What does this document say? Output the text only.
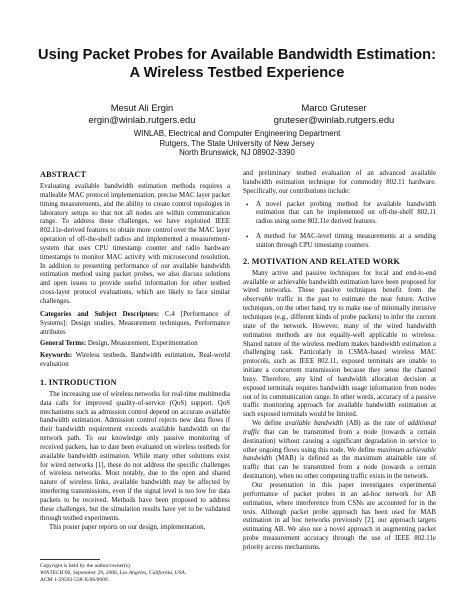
Using Packet Probes for Available Bandwidth Estimation:
A Wireless Testbed Experience
Mesut Ali Ergin
ergin@winlab.rutgers.edu
Marco Gruteser
gruteser@winlab.rutgers.edu
WINLAB, Electrical and Computer Engineering Department
Rutgers, The State University of New Jersey
North Brunswick, NJ 08902-3390
ABSTRACT

Evaluating available bandwidth estimation methods requires a malleable MAC protocol implementation, precise MAC layer packet timing measurements, and the ability to create control topologies in laboratory setups so that not all nodes are within communication range. To address these challenges, we have exploited IEEE 802.11e-derived features to obtain more control over the MAC layer operation of off-the-shelf radios and implemented a measurement-system that uses CPU timestamp counter and radio hardware timestamps to monitor MAC activity with microsecond resolution. In addition to presenting performance of our available bandwidth estimation method using packet probes, we also discuss solutions and open issues to provide useful information for other testbed cross-layer protocol evaluations, which are likely to face similar challenges.

Categories and Subject Descriptors: C.4 [Performance of Systems]: Design studies, Measurement techniques, Performance attributes

General Terms: Design, Measurement, Experimentation

Keywords: Wireless testbeds, Bandwidth estimation, Real-world evaluation

1. INTRODUCTION

The increasing use of wireless networks for real-time multimedia data calls for improved quality-of-service (QoS) support. QoS mechanisms such as admission control depend on accurate available bandwidth estimation. Admission control rejects new data flows if their bandwidth requirement exceeds available bandwidth on the network path. To our knowledge only passive monitoring of received packets, has to date been evaluated on wireless testbeds for available bandwidth estimation. While many other solutions exist for wired networks [1], these do not address the specific challenges of wireless networks. Most notably, due to the open and shared nature of wireless links, available bandwidth may be affected by interfering transmissions, even if the signal level is too low for data packets to be received. Methods have been proposed to address these challenges, but the simulation results have yet to be validated through testbed experiments.

This poster paper reports on our design, implementation,

Copyright is held by the author/owner(s).
WiNTECH'06, September 29, 2006, Los Angeles, California, USA.
ACM 1-59593-538-X/06/0009.

and preliminary testbed evaluation of an advanced available bandwidth estimation technique for commodity 802.11 hardware. Specifically, our contributions include:

• A novel packet probing method for available bandwidth estimation that can be implemented on off-the-shelf 802.11 radios using some 802.11e derived features.
• A method for MAC-level timing measurements at a sending station through CPU timestamp counters.
2. MOTIVATION AND RELATED WORK

Many active and passive techniques for local and end-to-end available or achievable bandwidth estimation have been proposed for wired networks. These passive techniques benefit from the observable traffic in the past to estimate the near future. Active techniques, on the other hand, try to make use of minimally intrusive techniques (e.g., different kinds of probe packets) to infer the current state of the network. However, many of the wired bandwidth estimation methods are not equally-well applicable to wireless. Shared nature of the wireless medium makes bandwidth estimation a challenging task. Particularly in CSMA-based wireless MAC protocols, such as IEEE 802.11, exposed terminals are unable to initiate a concurrent transmission because they sense the channel busy. Therefore, any kind of bandwidth allocation decision at exposed terminals requires bandwidth usage information from nodes out of its communication range. In other words, accuracy of a passive traffic monitoring approach for available bandwidth estimation at such exposed terminals would be limited.

We define available bandwidth (AB) as the rate of additional traffic that can be transmitted from a node (towards a certain destination) without causing a significant degradation in service to other ongoing flows using this node. We define maximum achievable bandwidth (MAB) is defined as the maximum attainable rate of traffic that can be transmitted from a node (towards a certain destination), when no other competing traffic exists in the network.

Our presentation in this paper investigates experimental performance of packet probes in an ad-hoc network for AB estimation, where interference from CSNs are accounted for in the tests. Although packet probe approach has been used for MAB estimation in ad hoc networks previously [2], our approach targets estimating AB. We also use a novel approach in augmenting packet probe measurement accuracy through the use of IEEE 802.11e priority access mechanisms.
